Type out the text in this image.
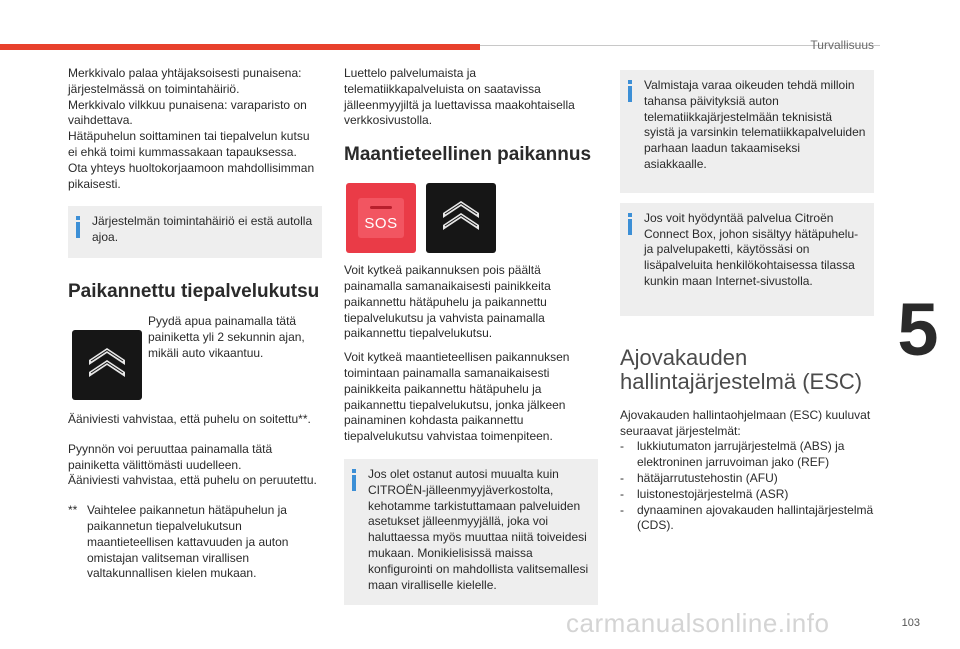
Turvallisuus
5

Merkkivalo palaa yhtäjaksoisesti punaisena: järjestelmässä on toimintahäiriö.

Merkkivalo vilkkuu punaisena: varaparisto on vaihdettava.

Hätäpuhelun soittaminen tai tiepalvelun kutsu ei ehkä toimi kummassakaan tapauksessa.

Ota yhteys huoltokorjaamoon mahdollisimman pikaisesti.

Järjestelmän toimintahäiriö ei estä autolla ajoa.

Paikannettu tiepalvelukutsu

Pyydä apua painamalla tätä painiketta yli 2 sekunnin ajan, mikäli auto vikaantuu.

Ääniviesti vahvistaa, että puhelu on soitettu**.

Pyynnön voi peruuttaa painamalla tätä painiketta välittömästi uudelleen.

Ääniviesti vahvistaa, että puhelu on peruutettu.

** Vaihtelee paikannetun hätäpuhelun ja paikannetun tiepalvelukutsun maantieteellisen kattavuuden ja auton omistajan valitseman virallisen valtakunnallisen kielen mukaan.

Luettelo palvelumaista ja telematiikkapalveluista on saatavissa jälleenmyyjiltä ja luettavissa maakohtaisella verkkosivustolla.

Maantieteellinen paikannus
SOS

Voit kytkeä paikannuksen pois päältä painamalla samanaikaisesti painikkeita paikannettu hätäpuhelu ja paikannettu tiepalvelukutsu ja vahvista painamalla paikannettu tiepalvelukutsu.

Voit kytkeä maantieteellisen paikannuksen toimintaan painamalla samanaikaisesti painikkeita paikannettu hätäpuhelu ja paikannettu tiepalvelukutsu, jonka jälkeen painaminen kohdasta paikannettu tiepalvelukutsu vahvistaa toimenpiteen.

Jos olet ostanut autosi muualta kuin CITROËN-jälleenmyyjäverkostolta, kehotamme tarkistuttamaan palveluiden asetukset jälleenmyyjällä, joka voi haluttaessa myös muuttaa niitä toiveidesi mukaan. Monikielisissä maissa konfigurointi on mahdollista valitsemallesi maan viralliselle kielelle.

Valmistaja varaa oikeuden tehdä milloin tahansa päivityksiä auton telematiikkajärjestelmään teknisistä syistä ja varsinkin telematiikkapalveluiden parhaan laadun takaamiseksi asiakkaalle.

Jos voit hyödyntää palvelua Citroën Connect Box, johon sisältyy hätäpuhelu- ja palvelupaketti, käytössäsi on lisäpalveluita henkilökohtaisessa tilassa kunkin maan Internet-sivustolla.

Ajovakauden
hallintajärjestelmä (ESC)

Ajovakauden hallintaohjelmaan (ESC) kuuluvat seuraavat järjestelmät:

- lukkiutumaton jarrujärjestelmä (ABS) ja elektroninen jarruvoiman jako (REF)
- hätäjarrutustehostin (AFU)
- luistonestojärjestelmä (ASR)
- dynaaminen ajovakauden hallintajärjestelmä (CDS).
103
carmanualsonline.info
